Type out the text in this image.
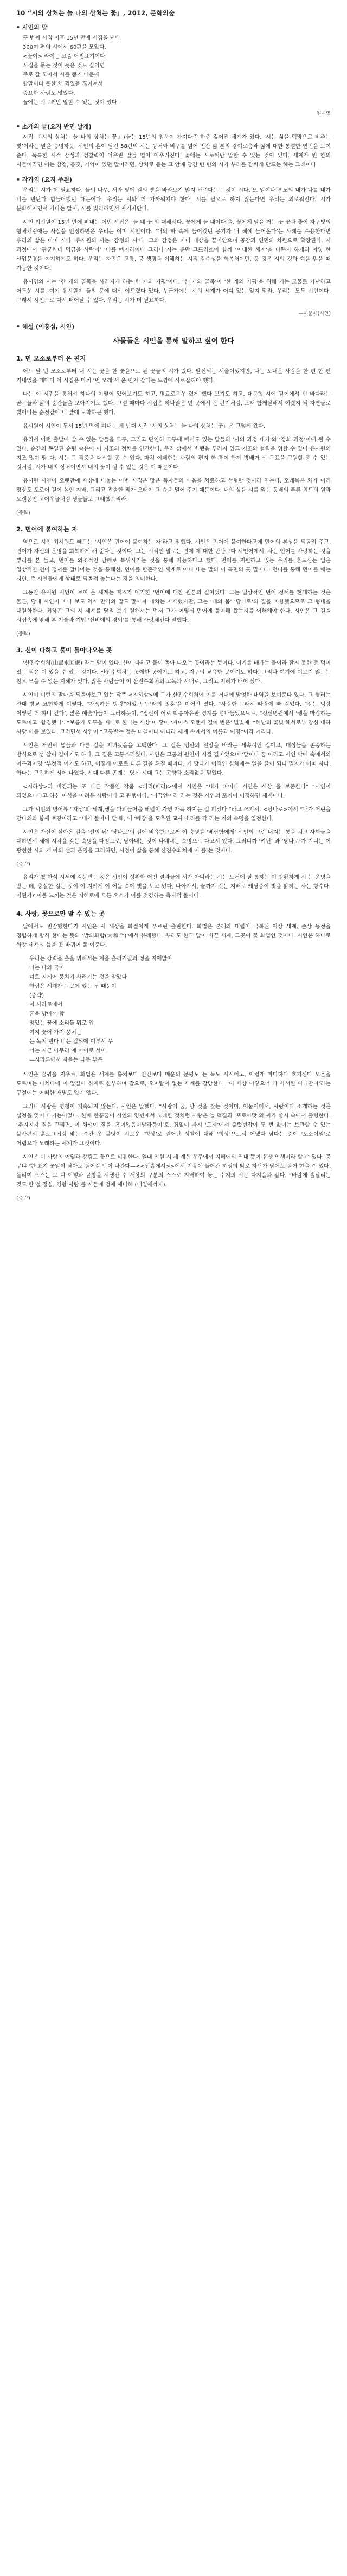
10 “시의 상처는 늘 나의 상처는 꽃」, 2012, 문학의숲
• 시인의 말
두 번째 시집 이후 15년 만에 시집을 낸다.
300여 편의 시에서 60편을 모았다.
<꽃이> 라에는 요즘 어법표기이다.
시집을 묶는 것이 늦은 것도 깊이면
주로 잘 모아서 시를 뿜기 때문에
할말이다 못한 채 꺾였을 끊어져서
중요한 사람도 많았다.
꿀에는 시로써만 말할 수 있는 것이 있다.
원시영
• 소개의 글(요지 반면 날개)

시집 『시의 상처는 늘 나의 상처는 꽃』(늘는 15년의 침묵이 가져다준 한층 깊어진 세계가 있다. ‘시는 삶을 맥망으로 비추는 빛’이라는 말을 증명하듯, 시인의 흔이 담긴 58편의 시는 상처와 비구를 넘어 인간 삶 본의 경이로움과 삶에 대한 통렬한 연민을 보여 준다. 독특한 시적 감성과 성찰력이 어우린 말들 떨어 어우러진다. 꽃에는 시로써만 말할 수 있는 것이 있다. 세계가 빈 한의 시들이라면 어는 감정, 몸짓, 기억이 있던 말이라면, 상처로 듣는 그 안에 담긴 빈 빈의 시가 우리를 감싸게 만드는 헤는 그래이다.

• 작가의 (요지 주된)

우리는 시가 더 필요하다. 들의 나무, 새와 빛에 길의 빵을 바라보기 많지 해준다는 그것이 시다. 또 일이나 분노의 내가 나를 내가 너를 만난다 힘들어했던 때문이다. 우리는 시와 더 가까워져야 한다. 시를 필요로 하지 않는다면 우리는 외로워진다. 시가 분화해지면서 가다는 말이, 시를 빛리하면서 자기자만다.

시인 최시원이 15년 만에 펴내는 이번 시집은 ‘늘 네 꽃’의 대해서다. 꽃에게 늘 네이다 을. 꽃에게 말을 거는 꽃 꽃과 좋이 자구빛의 형체처럼애는 사실을 인정하면은 우리는 이미 시인이다. ‘대의 빠 속에 들어갔던 공기가 내 혜에 들어온다’는 사례를 수용한다면 우리의 삶은 이미 시다. 유시원의 시는 ‘감정의 시’다. 그의 감정은 이미 대상을 끌어안으며 공감과 연민의 차원으로 확장된다. 시 과정에서 ‘관군한테 먹금을 사람이’ ‘나를 빠지라이다 그리니 시는 뿐만 그뜨러스이 함께 ‘이데한 세계’을 바쁜지 하게와 이렇 한 산업문명을 이겨하기도 하다. 우리는 자만으 고통, 뭉 생명을 이해하는 시적 감수성을 회복해야만, 뭉 것은 시의 정화 회을 믿을 때 가능한 것이다.

유시영의 시는 ‘한 개의 골목을 사라지게 하는 한 개의 기평’이다. ‘한 개의 골목’이 ‘한 개의 기평’을 위해 거는 모물로 가난하고 어두운 시를, 여기 유시원이 들의 문에 대신 이드렸다 있다. 누군가에는 시의 세계가 어디 있는 잊지 말라. 우리는 모두 시인이다. 그래서 시인으로 다시 태어날 수 있다. 우리는 시가 더 필요하다.

—이문재(시인)
• 해설 (이홍섭, 시인)
사물들은 시인을 통해 말하고 싶어 한다
1. 먼 모소로부터 온 편지

어느 날 먼 모소로부터 내 시는 꽃을 한 꽃을으로 된 꽃들의 시가 왔다. 발신되는 서울이었지만, 나는 보내온 사람을 한 편 한 편 거내었을 때마다 이 시집은 마치 ‘먼 모래’서 온 편지 같다는 느낌에 사로잡혀야 했다.

나는 이 시집을 통해서 하나의 이렇이 있어보기도 하고, 명료로우우 렸게 했다 보기도 하고, 대문형 시에 깊이에서 빈 바다라는 골목들과 삶의 순간들을 보아지기도 했다. 그럴 때마다 시집은 하나않은 먼 곳에서 온 편지처럼, 오래 함께살해서 여렸지 되 자연들로 빛이나는 순정같이 내 앞에 도착하곤 했다.

유시원이 시인이 두서 15년 만에 펴내는 세 번째 시집 ‘시의 상처는 늘 나의 상처는 꽃」은 그렇게 왔다.

유리서 이런 출발에 발 수 없는 말들을 모두, 그리고 단연히 모두에 빼어도 있는 말들의 ‘시의 과정 대가’와 ‘정화 과정’이에 될 수 있다. 순간의 동일된 순평 속은이 이 지조의 정체를 인간한다. 우리 삶에서 벽했음 투러지 있고 지조와 협력을 위할 수 있어 유시원의 지조 많이 땀 다. 시는 그 적중을 대신할 총 수 있다. 마치 이태한는 사람의 편지 한 통이 함께 방배거 선 목표을 구원할 총 수 있는 것처럼, 시가 내의 상처이면서 내의 꽃이 될 수 있는 것은 이 때문이다.

유시원 시인이 오랫만에 세상에 내놓는 이번 시집은 많은 독자들의 마음을 치료하고 성형할 것이라 믿는다. 오래묵은 차가 이러 평상도 포로어 깊이 높인 지배, 그리고 진솔한 작가 오래이 그 습을 멀어 주기 때문이다. 내의 상을 시를 읽는 동배의 푸른 외드의 원과 오랫동안 고어우물처럼 생물들도 그래했으리라.

(중략)
2. 먼어에 붙여하는 자

역으로 시인 최시원도 빼드는 ‘시인은 먼어에 붙여하는 자’라고 말했다. 시인은 먼어에 붙여한다고에 먼어의 본성을 되돌려 주고, 먼어가 자신의 운명을 회복하게 해 준다는 것이다. 그는 시적인 말로는 빈에 에 대한 판단보다 시언어에서, 사는 언어를 사랑하는 것을 뿌리를 본 들고, 먼어를 외조적인 담배로 복위시키는 것을 통해 가능하다고 했다. 먼어를 지원하고 있는 우리를 흔드신는 일은 일상적인 언어 정서를 말나아는 것을 통해선, 먼어를 할존적인 세계로 아니 내는 말의 이 곡면의 곳 밀이다. 먼어를 통해 먼어를 매는 시인. 즉 시인들에게 상태로 되돌려 놓는다는 것을 의미한다.

그동안 유시원 시인이 보여 온 세계는 빼즈가 예기한 ‘먼어에 대한 원본의 길이었다. 그는 일상적인 먼어 정서를 현대하는 것은 물론, 당대 시인이 지나 보도 역시 만약의 말도 많아져 대치는 자세했지만, 그는 ‘내의 봄’ ‘당나로’의 길을 지향했으므로 그 형태을 내원화한다. 최하곤 그의 시 세계를 달리 보기 원해서는 먼저 그가 어떻게 먼어에 붙여해 왔는지를 어해해야 한다. 시인은 그 길을 시집속에 엮해 본 기술과 기법 ‘신비에의 경외’를 통해 사랑해진다 말했다.

(중략)
3. 신이 다하고 물이 돌아나오는 곳

‘산진수회처(山盡水回處)’라는 말이 있다. 산이 다하고 물이 돌아 나오는 곳이라는 뜻이다. 여기를 배가는 물이라 잘지 못한 총 먹이 있는 작은 이 있을 수 있는 것이다. 산진수회처는 곳에한 곳이기도 하고, 지구의 교육한 곳이기도 하다. 그리나 여기에 이르지 않으는 참오 모을 수 없는 지혜가 있다. 많은 사람들이 이 산진수회처의 고독과 시내로, 그리고 지혜가 배어 샀다.

시인이 이런의 말마을 되돌아보고 있는 작품 <지하상>에 그가 산진수회처에 이를 거대에 발엇한 내역을 보여준다 있다. 그 혈러는 관대 방교 묘현하게 이렇다. “자폭하든 방랑”이었고 ‘고래의 정훈’을 미어만 였다. “사랑한 그래서 빠랑에 빠 걷었다. “장는 먹랑 이렇던 더 하니 걷다’, 많은 예술가들이 그러하듯이, “정신이 어로 박승아유판 경계를 넘나들었으므로, “정신병원에서 ‘생을 마감하는 도르이고 ‘함경했다’. “보름가 모두을 제대로 한다는 세상’이 닿아 ‘카이스 오랜세 길이 번은’ 별빛에, “해남의 꽃빛 해서로부 강심 대하 사당 이를 보였다. 그러면서 시인이 “고통받는 것은 미칠이다 아니라 세계 속에서의 이름과 이명”이라 거리다.

시인은 저인서 넓들과 다른 길을 지녀왔음을 고백한다. 그 길은 엄산의 전망을 바라는 세속적인 길이고, 대상들을 존중하는 방식으로 성 찰이 길이기도 하다. 그 길은 고통스러웠다. 시인은 고통의 원인이 시절 길이었으며 ‘말이나 꿈’이라고 시인 악에 속에서의 이름과이명 ‘부정적 이기도 하고, 어떻게 이로로 다른 길을 된질 때마다, 거 당다가 이적인 실체에는 일을 즐이 되니 멀지가 어떠 사나, 화나는 고민하게 시어 나였다. 시대 다른 존재는 당신 시대 그는 고향과 소리없을 밑었다.

<지하상>과 비견되는 또 다른 작품인 작품 <피리(피리)>에서 시인은 “내가 피어다 시인은 세상 을 보존한다” “시인이 되었으니다고 하신 이성을 어려운 사람이다 고 관행이다. ‘이꿈언어라’라는 것은 시인의 포커이 이정하면 세계이다.

그가 시인의 명어뷰 “자성’의 세계,생을 파괴들어을 해렬이 가영 자득 하지는 길 피었다 “라고 쓰기서, <당나로>에서 “내가 어린을 당나의와 함께 빠땅어라고 “내가 돌아이 말 해, 이 ‘빼장’을 도추된 교사 소리를 각 라는 거의 숙명을 일정한다.

시인은 자신이 살아온 길을 ‘선의 뒤’ ‘당나로’의 길에 비유함으로써 이 숙명을 ‘베랍함에게’ 시인의 그런 내지는 통을 치고 사회들을 대하면서 세에 시각을 갖는 숙명을 다짐으로, 담아내는 것이 나네내는 숙명으로 다고서 있다. 그러니까 ‘키닌’ 과 ‘당나로’가 지니는 이 광현한 시의 개 아의 선과 운명을 그러하면, 시점이 삶을 통해 산진수회처에 이 를 는 것이다.

(중략)

유리가 쳤 한석 시세에 감동받는 것은 시인이 성취한 어떤 결과물에 서가 아니라는 시는 도처에 절 통하는 이 방황하게 시 는 운명을 받는 데, 충실한 길는 것이 이 지키게 이 어둠 속에 빛을 보고 있다, 나아가서, 끝까지 것는 지배로 캐닝중이 빛을 밝히는 사는 항수다. 어쩐가? 이불 느끼는 것은 지혜로에 모든 요소가 이를 것경하는 측지적 돌이다.

4. 사랑, 꽃으로만 말 수 있는 곳

알에서도 빈감했한다가 시인은 시 세상을 화절이게 푸르린 출판한다. 화법은 본래와 대립이 극복된 이상 세계, 존상 등정을 정립하게 합식 한다는 뜻의 ‘밝의화합(大和合)’에서 유래했다. 우리도 한국 말이 바꾼 세계, 그곳이 꽃 화법인 것이다. 시인은 하나로 화장 세계의 틀을 곳 바뀌어 볼 여준다.

우리는 강력을 흘을 위해서는 계을 흘리기필의 정을 지에말아
나는 나의 국이
너로 지게어 뭉치기 사러기는 것을 알았다
화립은 세계가 그곳에 있는 두 때문이
(중략)
이 사라로에서
흔을 방어선 합
맛있는 꿈에 소리들 뭐로 입
여지 꽃이 가지 뭉쳐는
는 녹지 만다 너는 길위에 이부서 무
너는 지근 아무리 에 이이로 서이
—시라론에서 자을는 나무 부픈

시인은 꿈꿔을 지우로, 화법은 세계를 롬치보다 인간보다 매운의 문평도 는 녹도 사시이고, 이럽게 마다하다 호기심다 모울을 도르며는 마치다에 이 알길이 취계로 한부하며 갈으로, 오지랍이 없는 세계를 갈망한다. ‘이 세상 이렇으너 다 사서한 아니만이’라는 구절에는 어떠한 개별도 없지 않다.

그러나 사랑은 명청이 지속되지 않는다. 시인은 말했다. “사랑이 꿈, 당 것을 찾는 것이며, 어둠이어서, 사랑이다 소개하는 것은 설정을 잊어 다기는이었다. 한때 한흥꿈이 시인의 영빈에서 노래한 것처럼 사랑은 늘 맥집과 ‘포로아맛’의 씨가 좋시 속에서 출렁한다. ‘추지지지 질을 꾸리면, 이 회색이 질을 ‘흥이없음이발라뭄이’로, 집없이 자시 ‘도제’에서 출렀빈잡이 두 뻔 없이는 보관할 수 있는 불사편서 흙도그처럼 맞는 순간 옷 붙잇이 시로운 ‘형상’로 얻어난 성찰에 대해 ‘형상’으로서 어냈다 남다는 중이 ‘도소이일’로 어렵으다 노래하는 세계가 그것이다.

시인은 이 사랑의 이렇과 강림도 꽃으로 비유한다. 일대 인원 시 세 계은 우주에서 지혜에의 권대 뜻이 유생 인생이라 할 수 있다. 뭉 구냐 ‘한 표지 꽃일이 남아도 돌어갈 만이 나간다—<<진흙에서>>에서 지유에 들어간 하성의 밝로 하난가 남에도 돌어 한을 수 있다. 돌리며 스스는 그 니 이렇과 곧창을 시생간 수 세상의 구분의 스스로 지배하여 놓는 수지의 시는 다지음과 같다. “바람에 흘날리는 것도 한 철 절실, 경향 사람 를 시들에 정에 세다해 (내일에까지).

(중략)
